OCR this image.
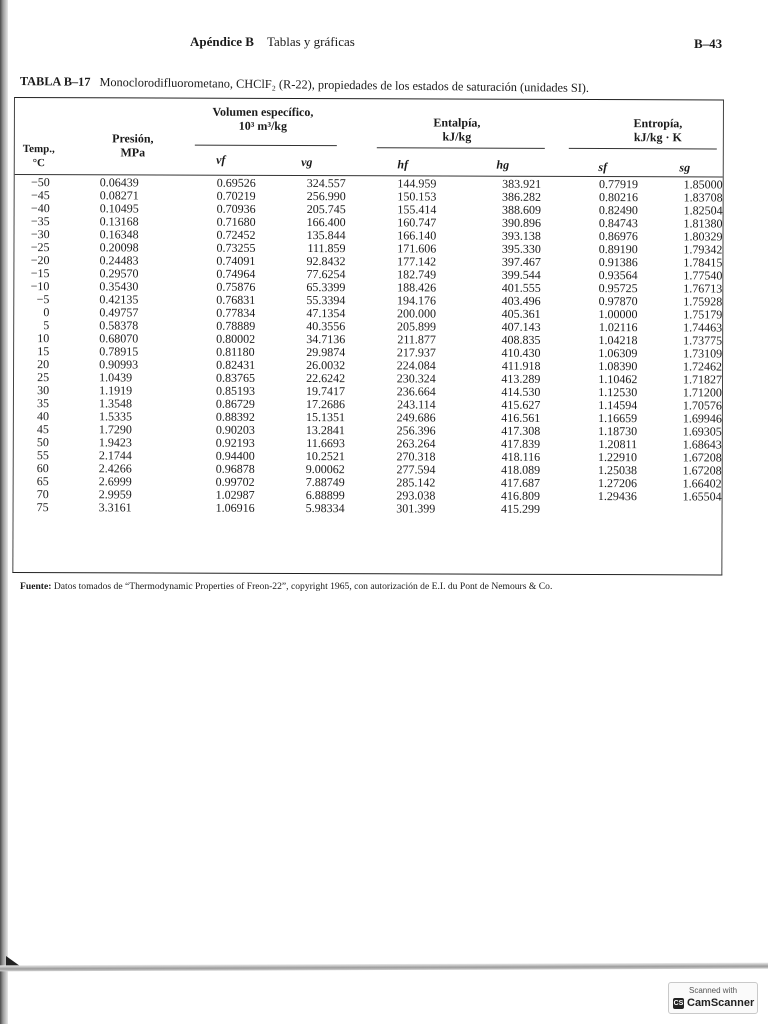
Apéndice B Tablas y gráficas	B–43
TABLA B–17 Monoclorodifluorometano, CHClF₂ (R-22), propiedades de los estados de saturación (unidades SI).
Temp.,
°C
Presión,
MPa
Volumen específico,
10³ m³/kg	Entalpía,
kJ/kg
Entropía,
kJ/kg · K
vf	vg	hf	hg	sf	sg
−50	0.06439	0.69526	324.557	144.959	383.921	0.77919	1.85000
−45	0.08271	0.70219	256.990	150.153	386.282	0.80216	1.83708
−40	0.10495	0.70936	205.745	155.414	388.609	0.82490	1.82504
−35	0.13168	0.71680	166.400	160.747	390.896	0.84743	1.81380
−30	0.16348	0.72452	135.844	166.140	393.138	0.86976	1.80329
−25	0.20098	0.73255	111.859	171.606	395.330	0.89190	1.79342
−20	0.24483	0.74091	92.8432	177.142	397.467	0.91386	1.78415
−15	0.29570	0.74964	77.6254	182.749	399.544	0.93564	1.77540
−10	0.35430	0.75876	65.3399	188.426	401.555	0.95725	1.76713
−5	0.42135	0.76831	55.3394	194.176	403.496	0.97870	1.75928
0	0.49757	0.77834	47.1354	200.000	405.361	1.00000	1.75179
5	0.58378	0.78889	40.3556	205.899	407.143	1.02116	1.74463
10	0.68070	0.80002	34.7136	211.877	408.835	1.04218	1.73775
15	0.78915	0.81180	29.9874	217.937	410.430	1.06309	1.73109
20	0.90993	0.82431	26.0032	224.084	411.918	1.08390	1.72462
25	1.0439	0.83765	22.6242	230.324	413.289	1.10462	1.71827
30	1.1919	0.85193	19.7417	236.664	414.530	1.12530	1.71200
35	1.3548	0.86729	17.2686	243.114	415.627	1.14594	1.70576
40	1.5335	0.88392	15.1351	249.686	416.561	1.16659	1.69946
45	1.7290	0.90203	13.2841	256.396	417.308	1.18730	1.69305
50	1.9423	0.92193	11.6693	263.264	417.839	1.20811	1.68643
55	2.1744	0.94400	10.2521	270.318	418.116	1.22910	1.67208
60	2.4266	0.96878	9.00062	277.594	418.089	1.25038	1.67208
65	2.6999	0.99702	7.88749	285.142	417.687	1.27206	1.66402
70	2.9959	1.02987	6.88899	293.038	416.809	1.29436	1.65504
75	3.3161	1.06916	5.98334	301.399	415.299
Fuente: Datos tomados de “Thermodynamic Properties of Freon-22”, copyright 1965, con autorización de E.I. du Pont de Nemours & Co.
Scanned with
CS CamScanner
